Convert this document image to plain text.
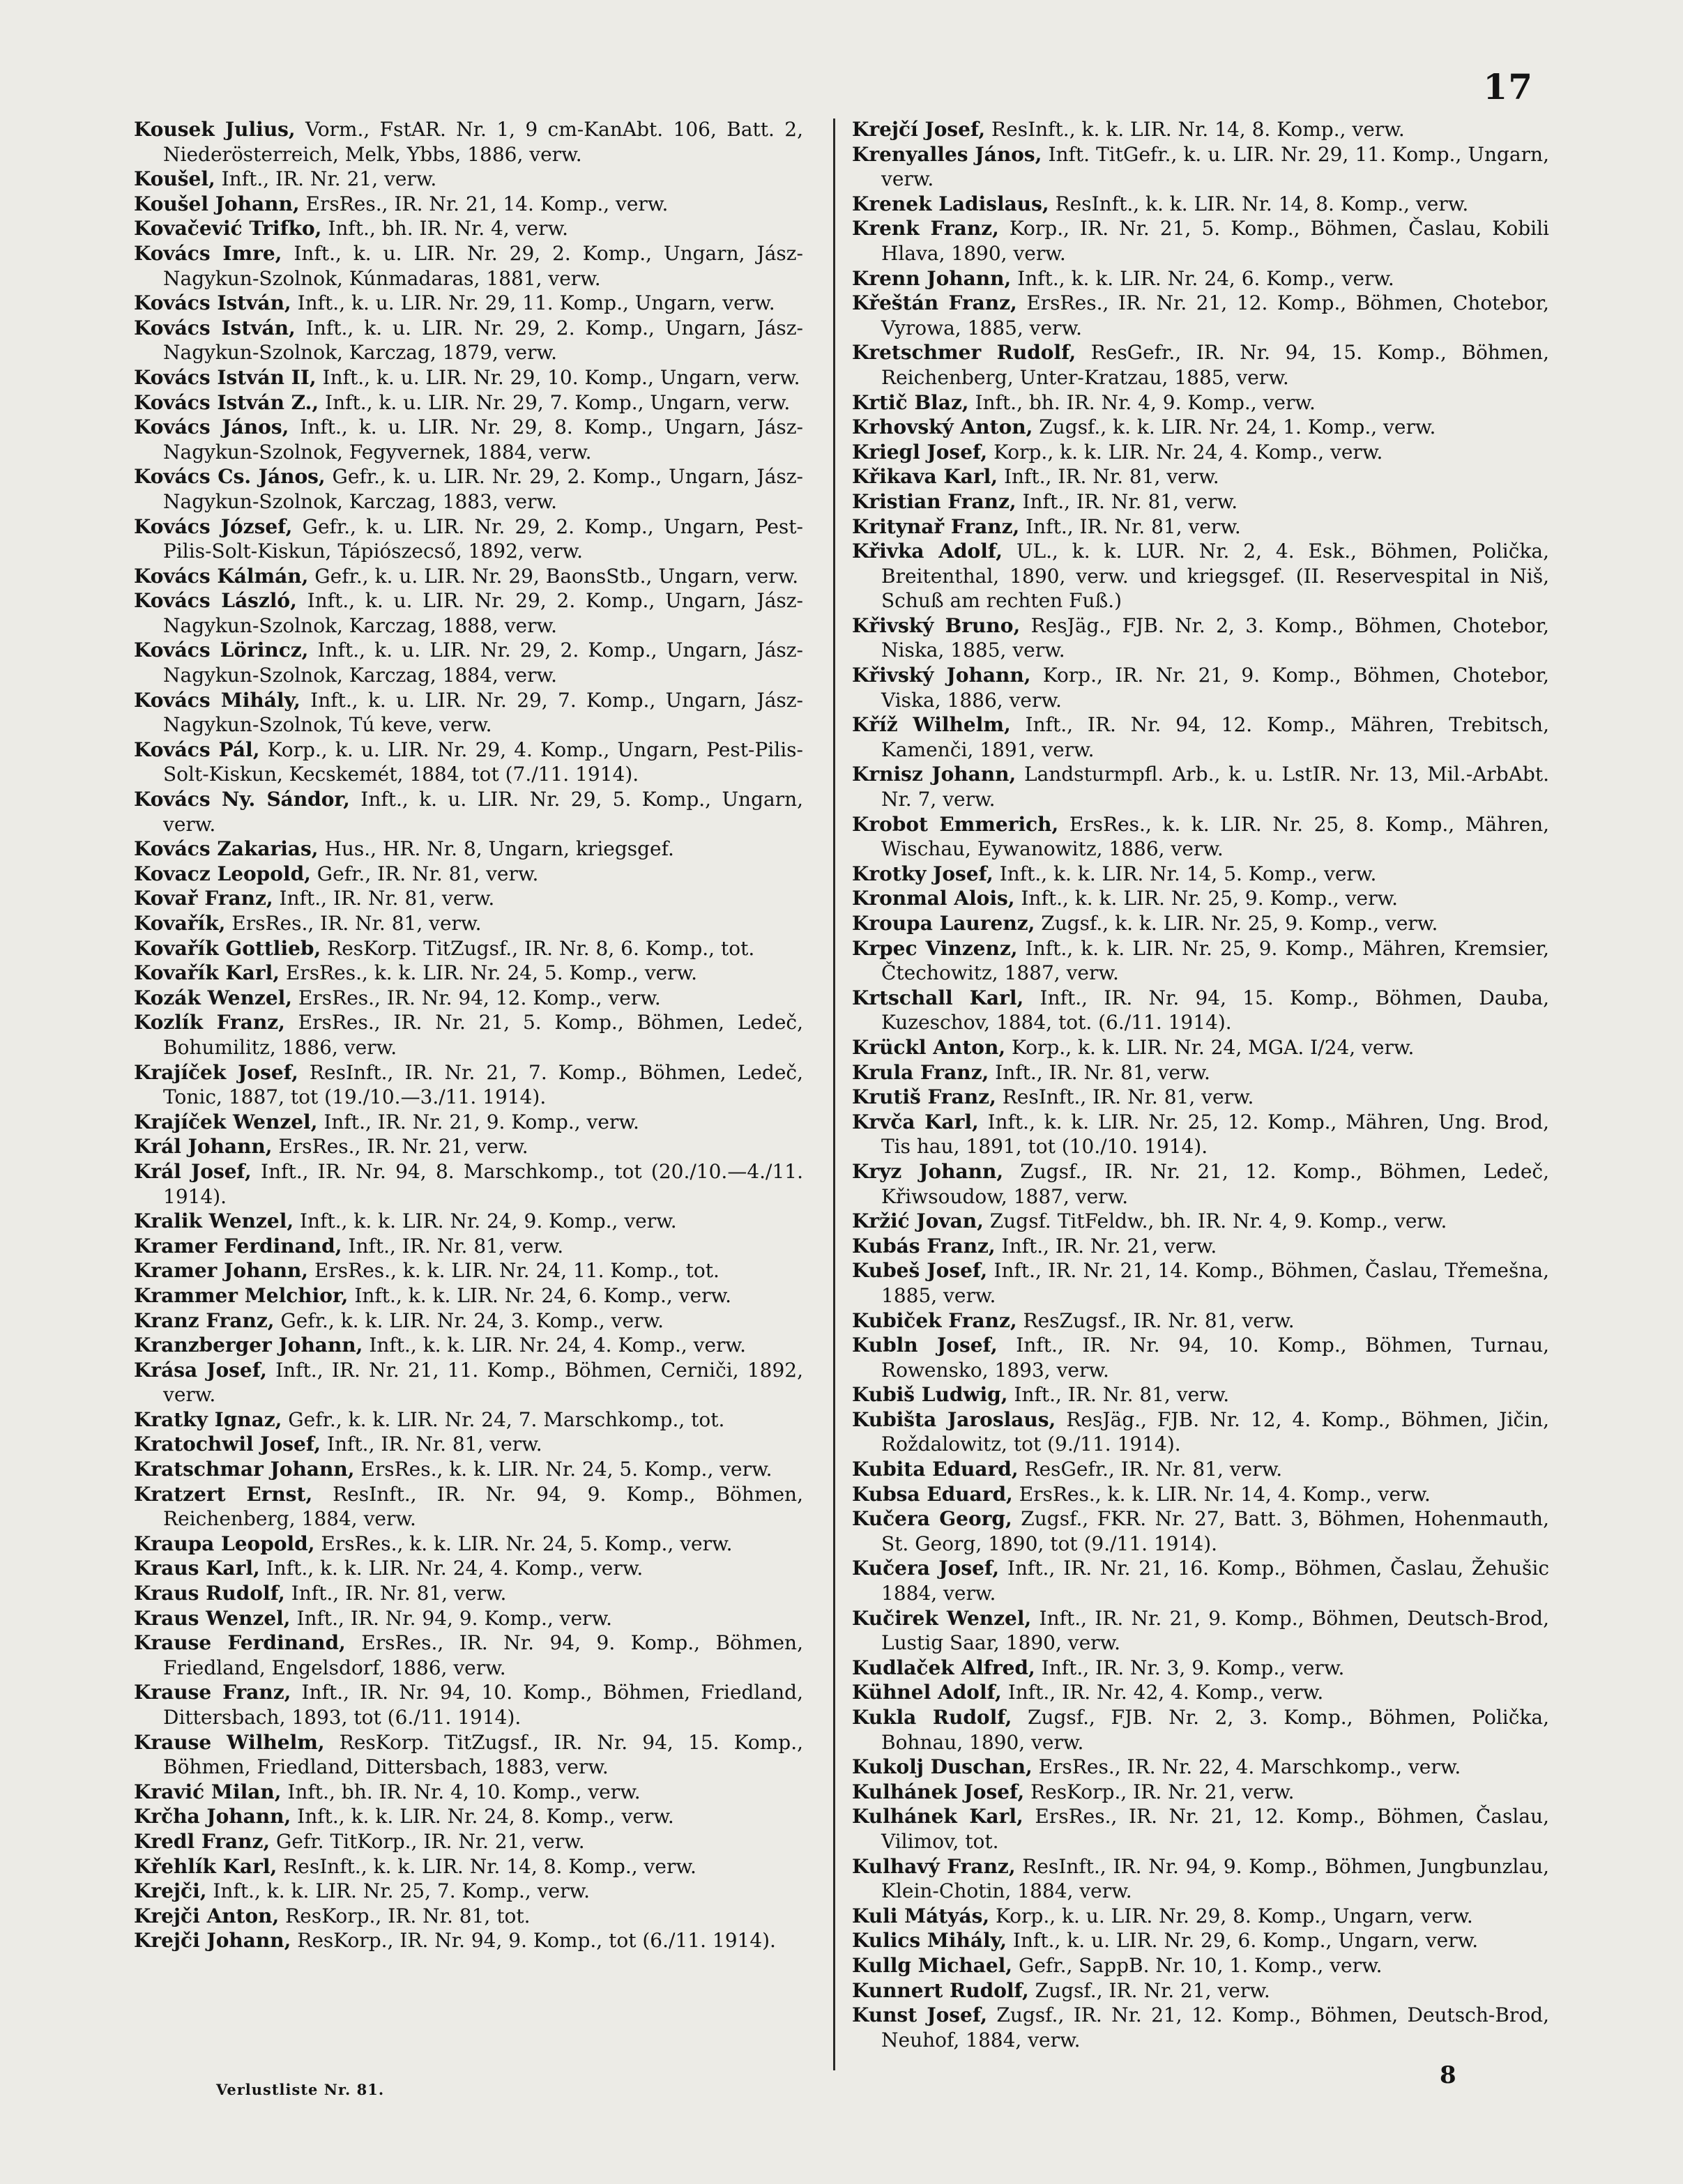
17
Kousek Julius, Vorm., FstAR. Nr. 1, 9 cm-KanAbt. 106, Batt. 2, Niederösterreich, Melk, Ybbs, 1886, verw.
Koušel, Inft., IR. Nr. 21, verw.
Koušel Johann, ErsRes., IR. Nr. 21, 14. Komp., verw.
Kovačević Trifko, Inft., bh. IR. Nr. 4, verw.
Kovács Imre, Inft., k. u. LIR. Nr. 29, 2. Komp., Ungarn, Jász-Nagykun-Szolnok, Kúnmadaras, 1881, verw.
Kovács István, Inft., k. u. LIR. Nr. 29, 11. Komp., Ungarn, verw.
Kovács István, Inft., k. u. LIR. Nr. 29, 2. Komp., Ungarn, Jász-Nagykun-Szolnok, Karczag, 1879, verw.
Kovács István II, Inft., k. u. LIR. Nr. 29, 10. Komp., Ungarn, verw.
Kovács István Z., Inft., k. u. LIR. Nr. 29, 7. Komp., Ungarn, verw.
Kovács János, Inft., k. u. LIR. Nr. 29, 8. Komp., Ungarn, Jász-Nagykun-Szolnok, Fegyvernek, 1884, verw.
Kovács Cs. János, Gefr., k. u. LIR. Nr. 29, 2. Komp., Ungarn, Jász-Nagykun-Szolnok, Karczag, 1883, verw.
Kovács József, Gefr., k. u. LIR. Nr. 29, 2. Komp., Ungarn, Pest-Pilis-Solt-Kiskun, Tápiószecső, 1892, verw.
Kovács Kálmán, Gefr., k. u. LIR. Nr. 29, BaonsStb., Ungarn, verw.
Kovács László, Inft., k. u. LIR. Nr. 29, 2. Komp., Ungarn, Jász-Nagykun-Szolnok, Karczag, 1888, verw.
Kovács Lörincz, Inft., k. u. LIR. Nr. 29, 2. Komp., Ungarn, Jász-Nagykun-Szolnok, Karczag, 1884, verw.
Kovács Mihály, Inft., k. u. LIR. Nr. 29, 7. Komp., Ungarn, Jász-Nagykun-Szolnok, Tú keve, verw.
Kovács Pál, Korp., k. u. LIR. Nr. 29, 4. Komp., Ungarn, Pest-Pilis-Solt-Kiskun, Kecskemét, 1884, tot (7./11. 1914).
Kovács Ny. Sándor, Inft., k. u. LIR. Nr. 29, 5. Komp., Ungarn, verw.
Kovács Zakarias, Hus., HR. Nr. 8, Ungarn, kriegsgef.
Kovacz Leopold, Gefr., IR. Nr. 81, verw.
Kovař Franz, Inft., IR. Nr. 81, verw.
Kovařík, ErsRes., IR. Nr. 81, verw.
Kovařík Gottlieb, ResKorp. TitZugsf., IR. Nr. 8, 6. Komp., tot.
Kovařík Karl, ErsRes., k. k. LIR. Nr. 24, 5. Komp., verw.
Kozák Wenzel, ErsRes., IR. Nr. 94, 12. Komp., verw.
Kozlík Franz, ErsRes., IR. Nr. 21, 5. Komp., Böhmen, Ledeč, Bohumilitz, 1886, verw.
Krajíček Josef, ResInft., IR. Nr. 21, 7. Komp., Böhmen, Ledeč, Tonic, 1887, tot (19./10.—3./11. 1914).
Krajíček Wenzel, Inft., IR. Nr. 21, 9. Komp., verw.
Král Johann, ErsRes., IR. Nr. 21, verw.
Král Josef, Inft., IR. Nr. 94, 8. Marschkomp., tot (20./10.—4./11. 1914).
Kralik Wenzel, Inft., k. k. LIR. Nr. 24, 9. Komp., verw.
Kramer Ferdinand, Inft., IR. Nr. 81, verw.
Kramer Johann, ErsRes., k. k. LIR. Nr. 24, 11. Komp., tot.
Krammer Melchior, Inft., k. k. LIR. Nr. 24, 6. Komp., verw.
Kranz Franz, Gefr., k. k. LIR. Nr. 24, 3. Komp., verw.
Kranzberger Johann, Inft., k. k. LIR. Nr. 24, 4. Komp., verw.
Krása Josef, Inft., IR. Nr. 21, 11. Komp., Böhmen, Cerniči, 1892, verw.
Kratky Ignaz, Gefr., k. k. LIR. Nr. 24, 7. Marschkomp., tot.
Kratochwil Josef, Inft., IR. Nr. 81, verw.
Kratschmar Johann, ErsRes., k. k. LIR. Nr. 24, 5. Komp., verw.
Kratzert Ernst, ResInft., IR. Nr. 94, 9. Komp., Böhmen, Reichenberg, 1884, verw.
Kraupa Leopold, ErsRes., k. k. LIR. Nr. 24, 5. Komp., verw.
Kraus Karl, Inft., k. k. LIR. Nr. 24, 4. Komp., verw.
Kraus Rudolf, Inft., IR. Nr. 81, verw.
Kraus Wenzel, Inft., IR. Nr. 94, 9. Komp., verw.
Krause Ferdinand, ErsRes., IR. Nr. 94, 9. Komp., Böhmen, Friedland, Engelsdorf, 1886, verw.
Krause Franz, Inft., IR. Nr. 94, 10. Komp., Böhmen, Friedland, Dittersbach, 1893, tot (6./11. 1914).
Krause Wilhelm, ResKorp. TitZugsf., IR. Nr. 94, 15. Komp., Böhmen, Friedland, Dittersbach, 1883, verw.
Kravić Milan, Inft., bh. IR. Nr. 4, 10. Komp., verw.
Krčha Johann, Inft., k. k. LIR. Nr. 24, 8. Komp., verw.
Kredl Franz, Gefr. TitKorp., IR. Nr. 21, verw.
Křehlík Karl, ResInft., k. k. LIR. Nr. 14, 8. Komp., verw.
Krejči, Inft., k. k. LIR. Nr. 25, 7. Komp., verw.
Krejči Anton, ResKorp., IR. Nr. 81, tot.
Krejči Johann, ResKorp., IR. Nr. 94, 9. Komp., tot (6./11. 1914).
Krejčí Josef, ResInft., k. k. LIR. Nr. 14, 8. Komp., verw.
Krenyalles János, Inft. TitGefr., k. u. LIR. Nr. 29, 11. Komp., Ungarn, verw.
Krenek Ladislaus, ResInft., k. k. LIR. Nr. 14, 8. Komp., verw.
Krenk Franz, Korp., IR. Nr. 21, 5. Komp., Böhmen, Časlau, Kobili Hlava, 1890, verw.
Krenn Johann, Inft., k. k. LIR. Nr. 24, 6. Komp., verw.
Křeštán Franz, ErsRes., IR. Nr. 21, 12. Komp., Böhmen, Chotebor, Vyrowa, 1885, verw.
Kretschmer Rudolf, ResGefr., IR. Nr. 94, 15. Komp., Böhmen, Reichenberg, Unter-Kratzau, 1885, verw.
Krtič Blaz, Inft., bh. IR. Nr. 4, 9. Komp., verw.
Krhovský Anton, Zugsf., k. k. LIR. Nr. 24, 1. Komp., verw.
Kriegl Josef, Korp., k. k. LIR. Nr. 24, 4. Komp., verw.
Křikava Karl, Inft., IR. Nr. 81, verw.
Kristian Franz, Inft., IR. Nr. 81, verw.
Kritynař Franz, Inft., IR. Nr. 81, verw.
Křivka Adolf, UL., k. k. LUR. Nr. 2, 4. Esk., Böhmen, Polička, Breitenthal, 1890, verw. und kriegsgef. (II. Reservespital in Niš, Schuß am rechten Fuß.)
Křivský Bruno, ResJäg., FJB. Nr. 2, 3. Komp., Böhmen, Chotebor, Niska, 1885, verw.
Křivský Johann, Korp., IR. Nr. 21, 9. Komp., Böhmen, Chotebor, Viska, 1886, verw.
Kříž Wilhelm, Inft., IR. Nr. 94, 12. Komp., Mähren, Trebitsch, Kamenči, 1891, verw.
Krnisz Johann, Landsturmpfl. Arb., k. u. LstIR. Nr. 13, Mil.-ArbAbt. Nr. 7, verw.
Krobot Emmerich, ErsRes., k. k. LIR. Nr. 25, 8. Komp., Mähren, Wischau, Eywanowitz, 1886, verw.
Krotky Josef, Inft., k. k. LIR. Nr. 14, 5. Komp., verw.
Kronmal Alois, Inft., k. k. LIR. Nr. 25, 9. Komp., verw.
Kroupa Laurenz, Zugsf., k. k. LIR. Nr. 25, 9. Komp., verw.
Krpec Vinzenz, Inft., k. k. LIR. Nr. 25, 9. Komp., Mähren, Kremsier, Čtechowitz, 1887, verw.
Krtschall Karl, Inft., IR. Nr. 94, 15. Komp., Böhmen, Dauba, Kuzeschov, 1884, tot. (6./11. 1914).
Krückl Anton, Korp., k. k. LIR. Nr. 24, MGA. I/24, verw.
Krula Franz, Inft., IR. Nr. 81, verw.
Krutiš Franz, ResInft., IR. Nr. 81, verw.
Krvča Karl, Inft., k. k. LIR. Nr. 25, 12. Komp., Mähren, Ung. Brod, Tis hau, 1891, tot (10./10. 1914).
Kryz Johann, Zugsf., IR. Nr. 21, 12. Komp., Böhmen, Ledeč, Křiwsoudow, 1887, verw.
Kržić Jovan, Zugsf. TitFeldw., bh. IR. Nr. 4, 9. Komp., verw.
Kubás Franz, Inft., IR. Nr. 21, verw.
Kubeš Josef, Inft., IR. Nr. 21, 14. Komp., Böhmen, Časlau, Třemešna, 1885, verw.
Kubiček Franz, ResZugsf., IR. Nr. 81, verw.
Kubln Josef, Inft., IR. Nr. 94, 10. Komp., Böhmen, Turnau, Rowensko, 1893, verw.
Kubiš Ludwig, Inft., IR. Nr. 81, verw.
Kubišta Jaroslaus, ResJäg., FJB. Nr. 12, 4. Komp., Böhmen, Jičin, Roždalowitz, tot (9./11. 1914).
Kubita Eduard, ResGefr., IR. Nr. 81, verw.
Kubsa Eduard, ErsRes., k. k. LIR. Nr. 14, 4. Komp., verw.
Kučera Georg, Zugsf., FKR. Nr. 27, Batt. 3, Böhmen, Hohenmauth, St. Georg, 1890, tot (9./11. 1914).
Kučera Josef, Inft., IR. Nr. 21, 16. Komp., Böhmen, Časlau, Žehušic 1884, verw.
Kučirek Wenzel, Inft., IR. Nr. 21, 9. Komp., Böhmen, Deutsch-Brod, Lustig Saar, 1890, verw.
Kudlaček Alfred, Inft., IR. Nr. 3, 9. Komp., verw.
Kühnel Adolf, Inft., IR. Nr. 42, 4. Komp., verw.
Kukla Rudolf, Zugsf., FJB. Nr. 2, 3. Komp., Böhmen, Polička, Bohnau, 1890, verw.
Kukolj Duschan, ErsRes., IR. Nr. 22, 4. Marschkomp., verw.
Kulhánek Josef, ResKorp., IR. Nr. 21, verw.
Kulhánek Karl, ErsRes., IR. Nr. 21, 12. Komp., Böhmen, Časlau, Vilimov, tot.
Kulhavý Franz, ResInft., IR. Nr. 94, 9. Komp., Böhmen, Jungbunzlau, Klein-Chotin, 1884, verw.
Kuli Mátyás, Korp., k. u. LIR. Nr. 29, 8. Komp., Ungarn, verw.
Kulics Mihály, Inft., k. u. LIR. Nr. 29, 6. Komp., Ungarn, verw.
Kullg Michael, Gefr., SappB. Nr. 10, 1. Komp., verw.
Kunnert Rudolf, Zugsf., IR. Nr. 21, verw.
Kunst Josef, Zugsf., IR. Nr. 21, 12. Komp., Böhmen, Deutsch-Brod, Neuhof, 1884, verw.
Verlustliste Nr. 81.
8
